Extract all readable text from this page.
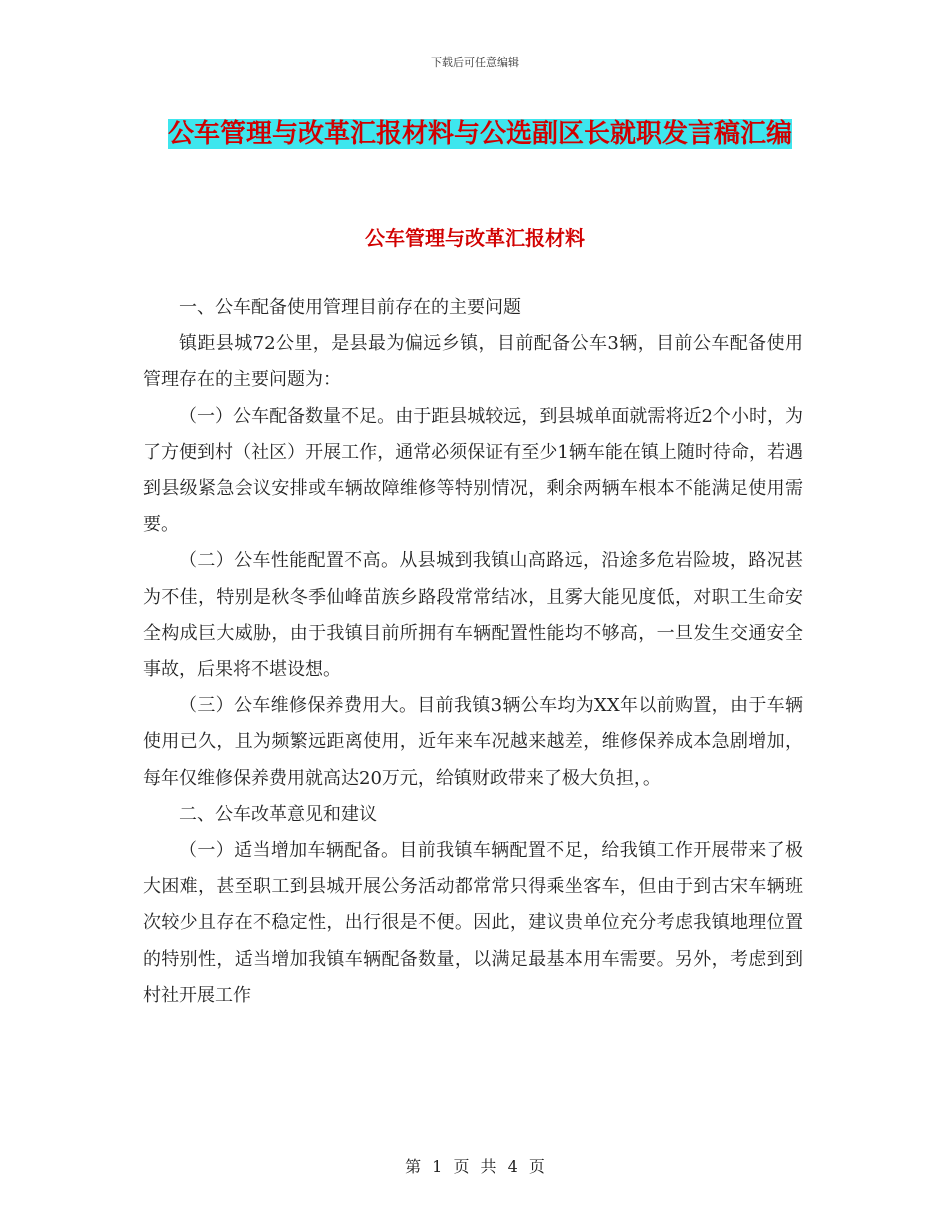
下载后可任意编辑
公车管理与改革汇报材料与公选副区长就职发言稿汇编
公车管理与改革汇报材料

一、公车配备使用管理目前存在的主要问题

镇距县城72公里，是县最为偏远乡镇，目前配备公车3辆，目前公车配备使用管理存在的主要问题为：

（一）公车配备数量不足。由于距县城较远，到县城单面就需将近2个小时，为了方便到村（社区）开展工作，通常必须保证有至少1辆车能在镇上随时待命，若遇到县级紧急会议安排或车辆故障维修等特别情况，剩余两辆车根本不能满足使用需要。

（二）公车性能配置不高。从县城到我镇山高路远，沿途多危岩险坡，路况甚为不佳，特别是秋冬季仙峰苗族乡路段常常结冰，且雾大能见度低，对职工生命安全构成巨大威胁，由于我镇目前所拥有车辆配置性能均不够高，一旦发生交通安全事故，后果将不堪设想。

（三）公车维修保养费用大。目前我镇3辆公车均为XX年以前购置，由于车辆使用已久，且为频繁远距离使用，近年来车况越来越差，维修保养成本急剧增加，每年仅维修保养费用就高达20万元，给镇财政带来了极大负担，。

二、公车改革意见和建议

（一）适当增加车辆配备。目前我镇车辆配置不足，给我镇工作开展带来了极大困难，甚至职工到县城开展公务活动都常常只得乘坐客车，但由于到古宋车辆班次较少且存在不稳定性，出行很是不便。因此，建议贵单位充分考虑我镇地理位置的特别性，适当增加我镇车辆配备数量，以满足最基本用车需要。另外，考虑到到村社开展工作

第 1 页 共 4 页
